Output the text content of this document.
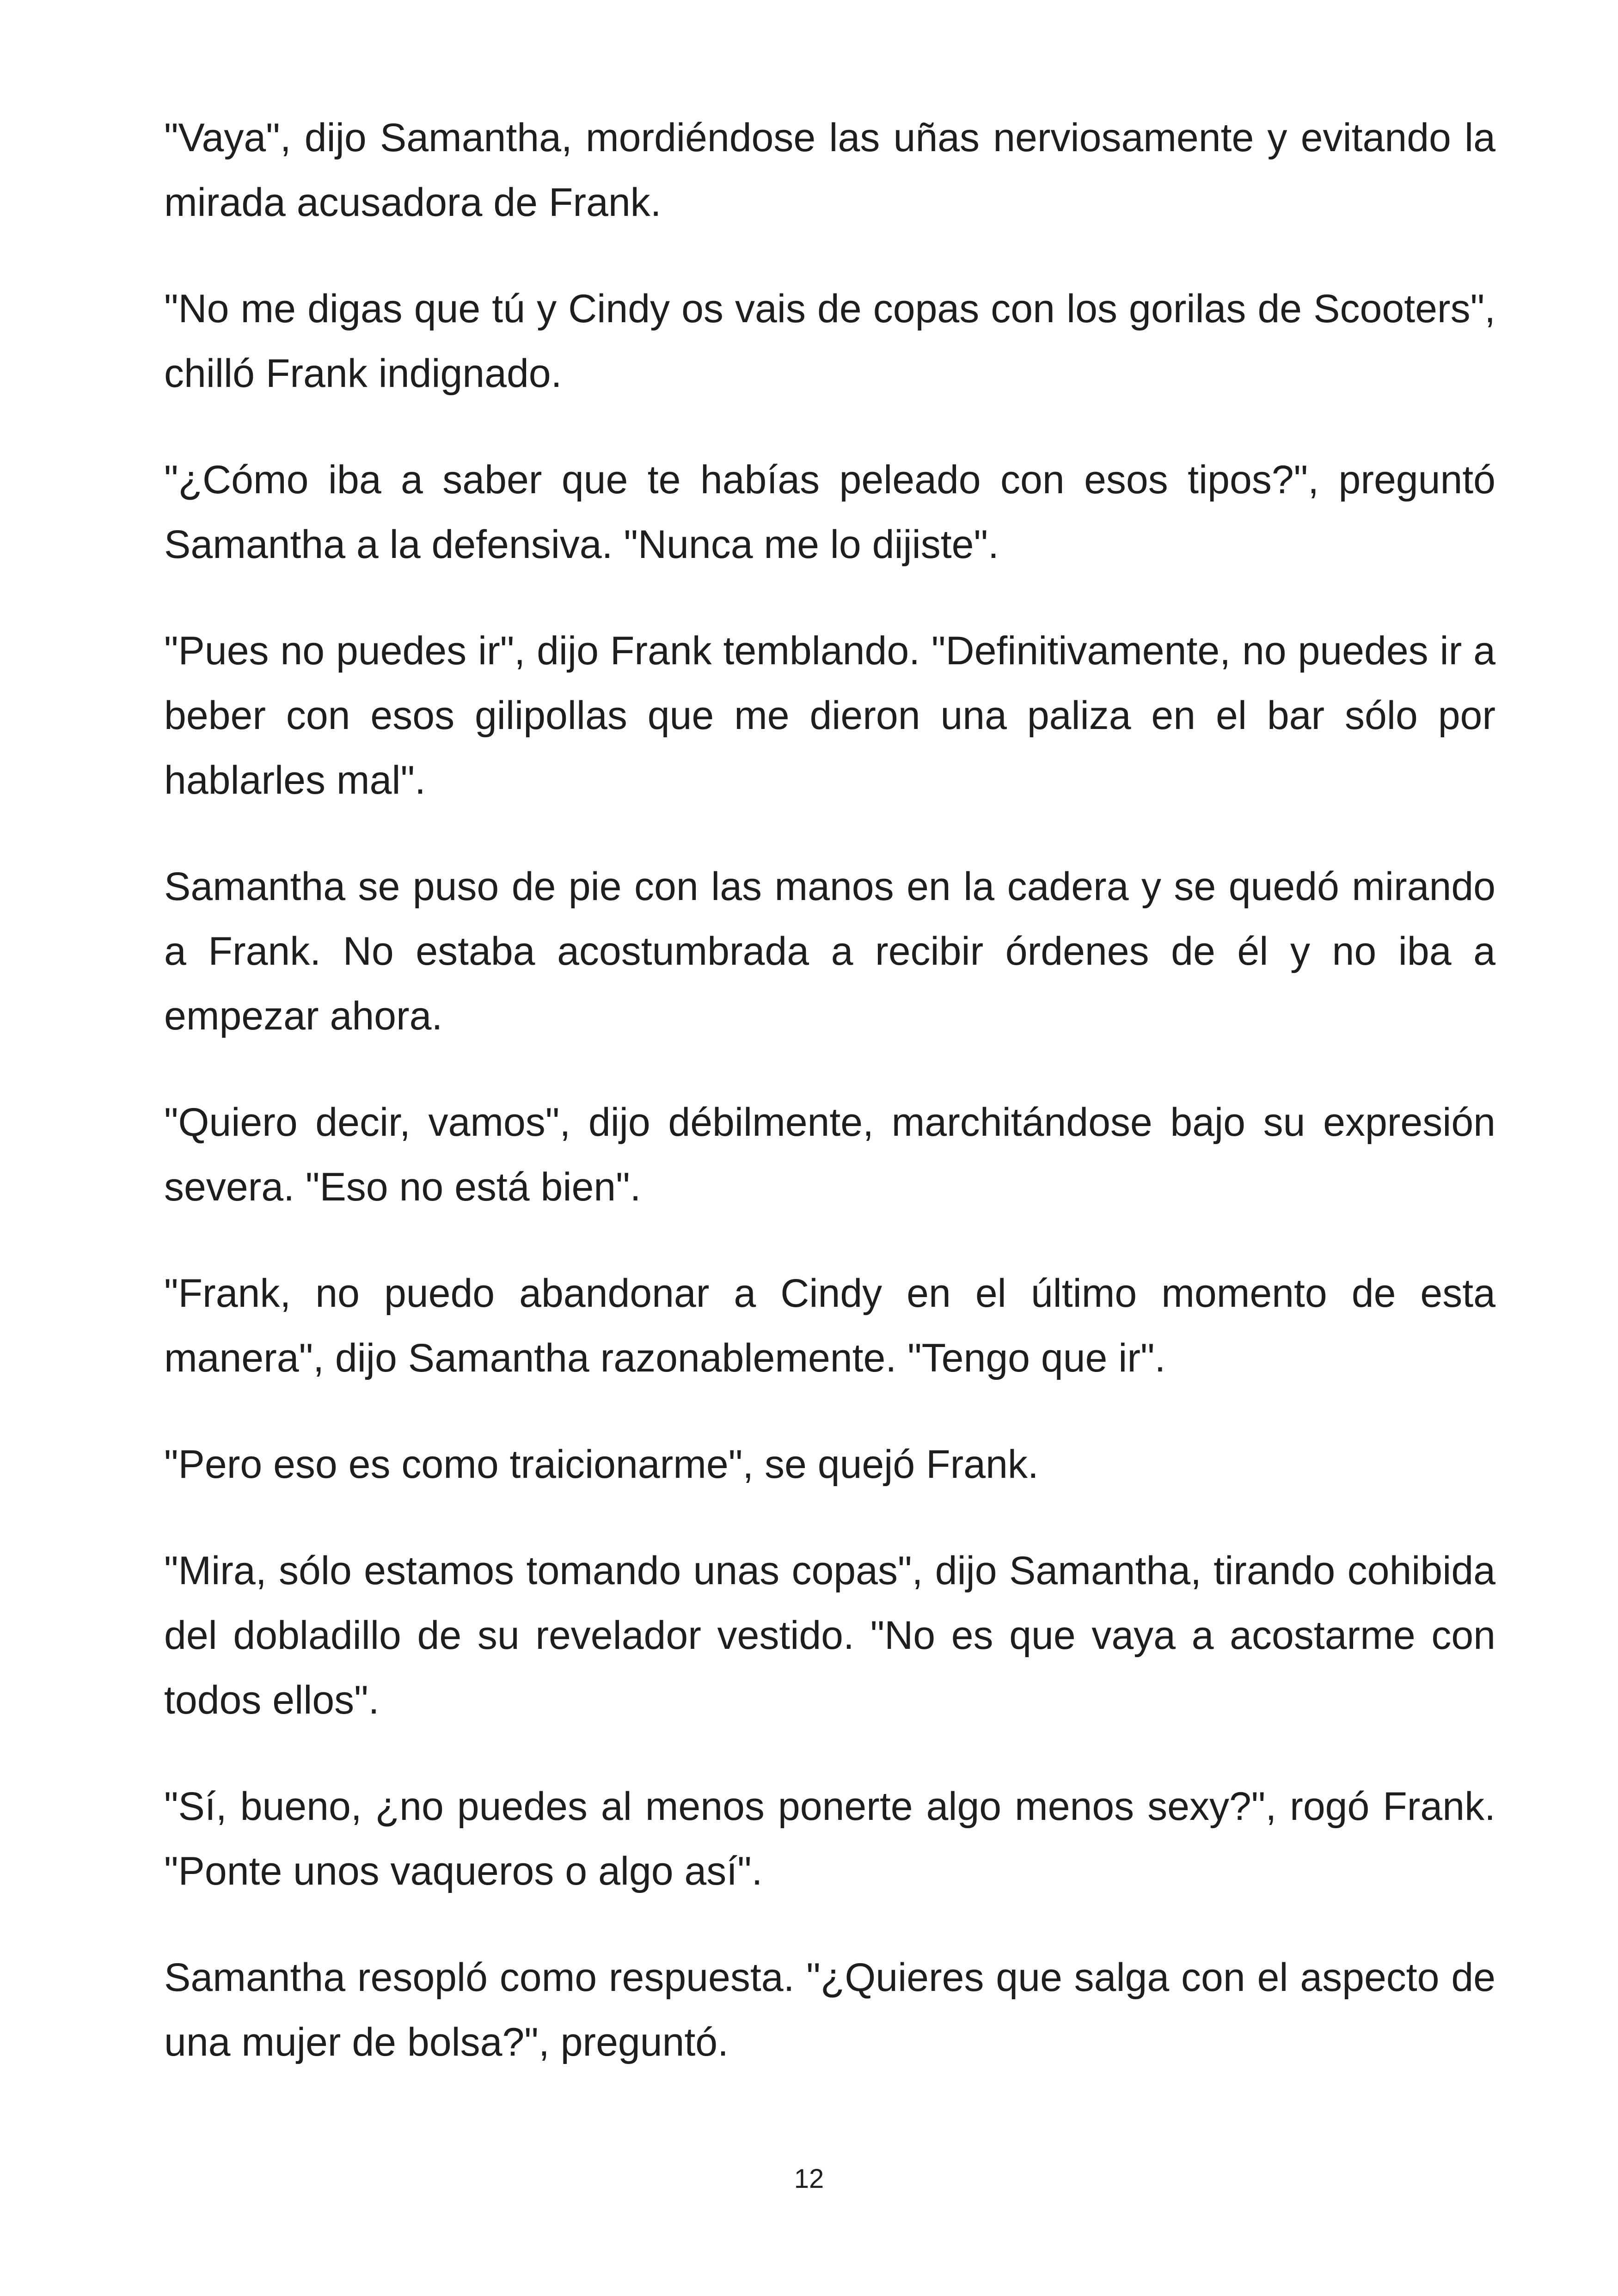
"Vaya", dijo Samantha, mordiéndose las uñas nerviosamente y evitando la mirada acusadora de Frank.

"No me digas que tú y Cindy os vais de copas con los gorilas de Scooters", chilló Frank indignado.

"¿Cómo iba a saber que te habías peleado con esos tipos?", preguntó Samantha a la defensiva. "Nunca me lo dijiste".

"Pues no puedes ir", dijo Frank temblando. "Definitivamente, no puedes ir a beber con esos gilipollas que me dieron una paliza en el bar sólo por hablarles mal".

Samantha se puso de pie con las manos en la cadera y se quedó mirando a Frank. No estaba acostumbrada a recibir órdenes de él y no iba a empezar ahora.

"Quiero decir, vamos", dijo débilmente, marchitándose bajo su expresión severa. "Eso no está bien".

"Frank, no puedo abandonar a Cindy en el último momento de esta manera", dijo Samantha razonablemente. "Tengo que ir".

"Pero eso es como traicionarme", se quejó Frank.

"Mira, sólo estamos tomando unas copas", dijo Samantha, tirando cohibida del dobladillo de su revelador vestido. "No es que vaya a acostarme con todos ellos".

"Sí, bueno, ¿no puedes al menos ponerte algo menos sexy?", rogó Frank. "Ponte unos vaqueros o algo así".

Samantha resopló como respuesta. "¿Quieres que salga con el aspecto de una mujer de bolsa?", preguntó.

12
